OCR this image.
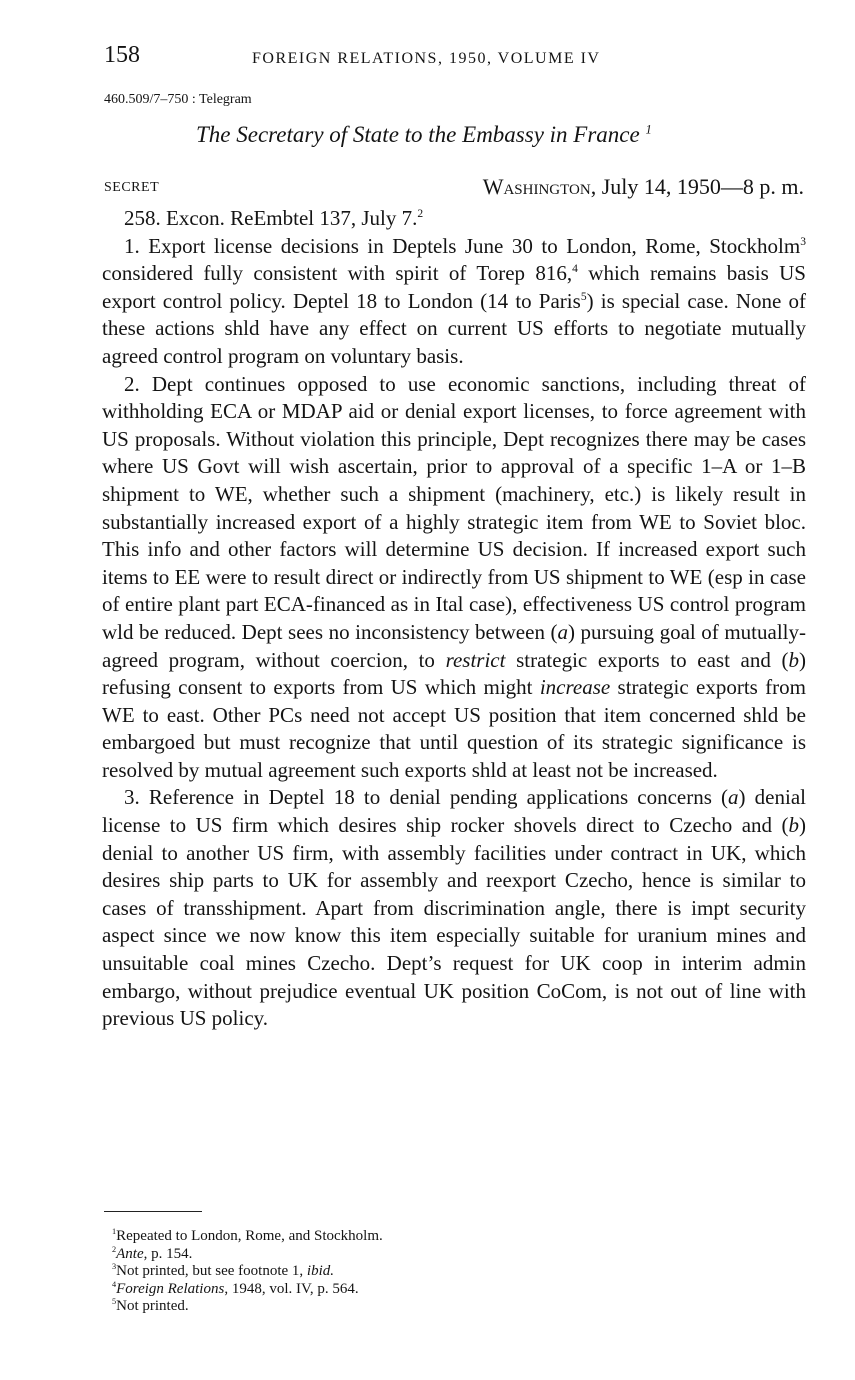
158	FOREIGN RELATIONS, 1950, VOLUME IV
460.509/7–750 : Telegram
The Secretary of State to the Embassy in France $^1$
SECRET	Washington, July 14, 1950—8 p. m.

258. Excon. ReEmbtel 137, July 7.$^2$

1. Export license decisions in Deptels June 30 to London, Rome, Stockholm$^3$ considered fully consistent with spirit of Torep 816,$^4$ which remains basis US export control policy. Deptel 18 to London (14 to Paris$^5$) is special case. None of these actions shld have any effect on current US efforts to negotiate mutually agreed control program on voluntary basis.

2. Dept continues opposed to use economic sanctions, including threat of withholding ECA or MDAP aid or denial export licenses, to force agreement with US proposals. Without violation this principle, Dept recognizes there may be cases where US Govt will wish ascertain, prior to approval of a specific 1–A or 1–B shipment to WE, whether such a shipment (machinery, etc.) is likely result in substantially increased export of a highly strategic item from WE to Soviet bloc. This info and other factors will determine US decision. If increased export such items to EE were to result direct or indirectly from US shipment to WE (esp in case of entire plant part ECA-financed as in Ital case), effectiveness US control program wld be reduced. Dept sees no inconsistency between (a) pursuing goal of mutually-agreed program, without coercion, to restrict strategic exports to east and (b) refusing consent to exports from US which might increase strategic exports from WE to east. Other PCs need not accept US position that item concerned shld be embargoed but must recognize that until question of its strategic significance is resolved by mutual agreement such exports shld at least not be increased.

3. Reference in Deptel 18 to denial pending applications concerns (a) denial license to US firm which desires ship rocker shovels direct to Czecho and (b) denial to another US firm, with assembly facilities under contract in UK, which desires ship parts to UK for assembly and reexport Czecho, hence is similar to cases of transshipment. Apart from discrimination angle, there is impt security aspect since we now know this item especially suitable for uranium mines and unsuitable coal mines Czecho. Dept’s request for UK coop in interim admin embargo, without prejudice eventual UK position CoCom, is not out of line with previous US policy.

$^1$Repeated to London, Rome, and Stockholm.
$^2$Ante, p. 154.
$^3$Not printed, but see footnote 1, ibid.
$^4$Foreign Relations, 1948, vol. IV, p. 564.
$^5$Not printed.
